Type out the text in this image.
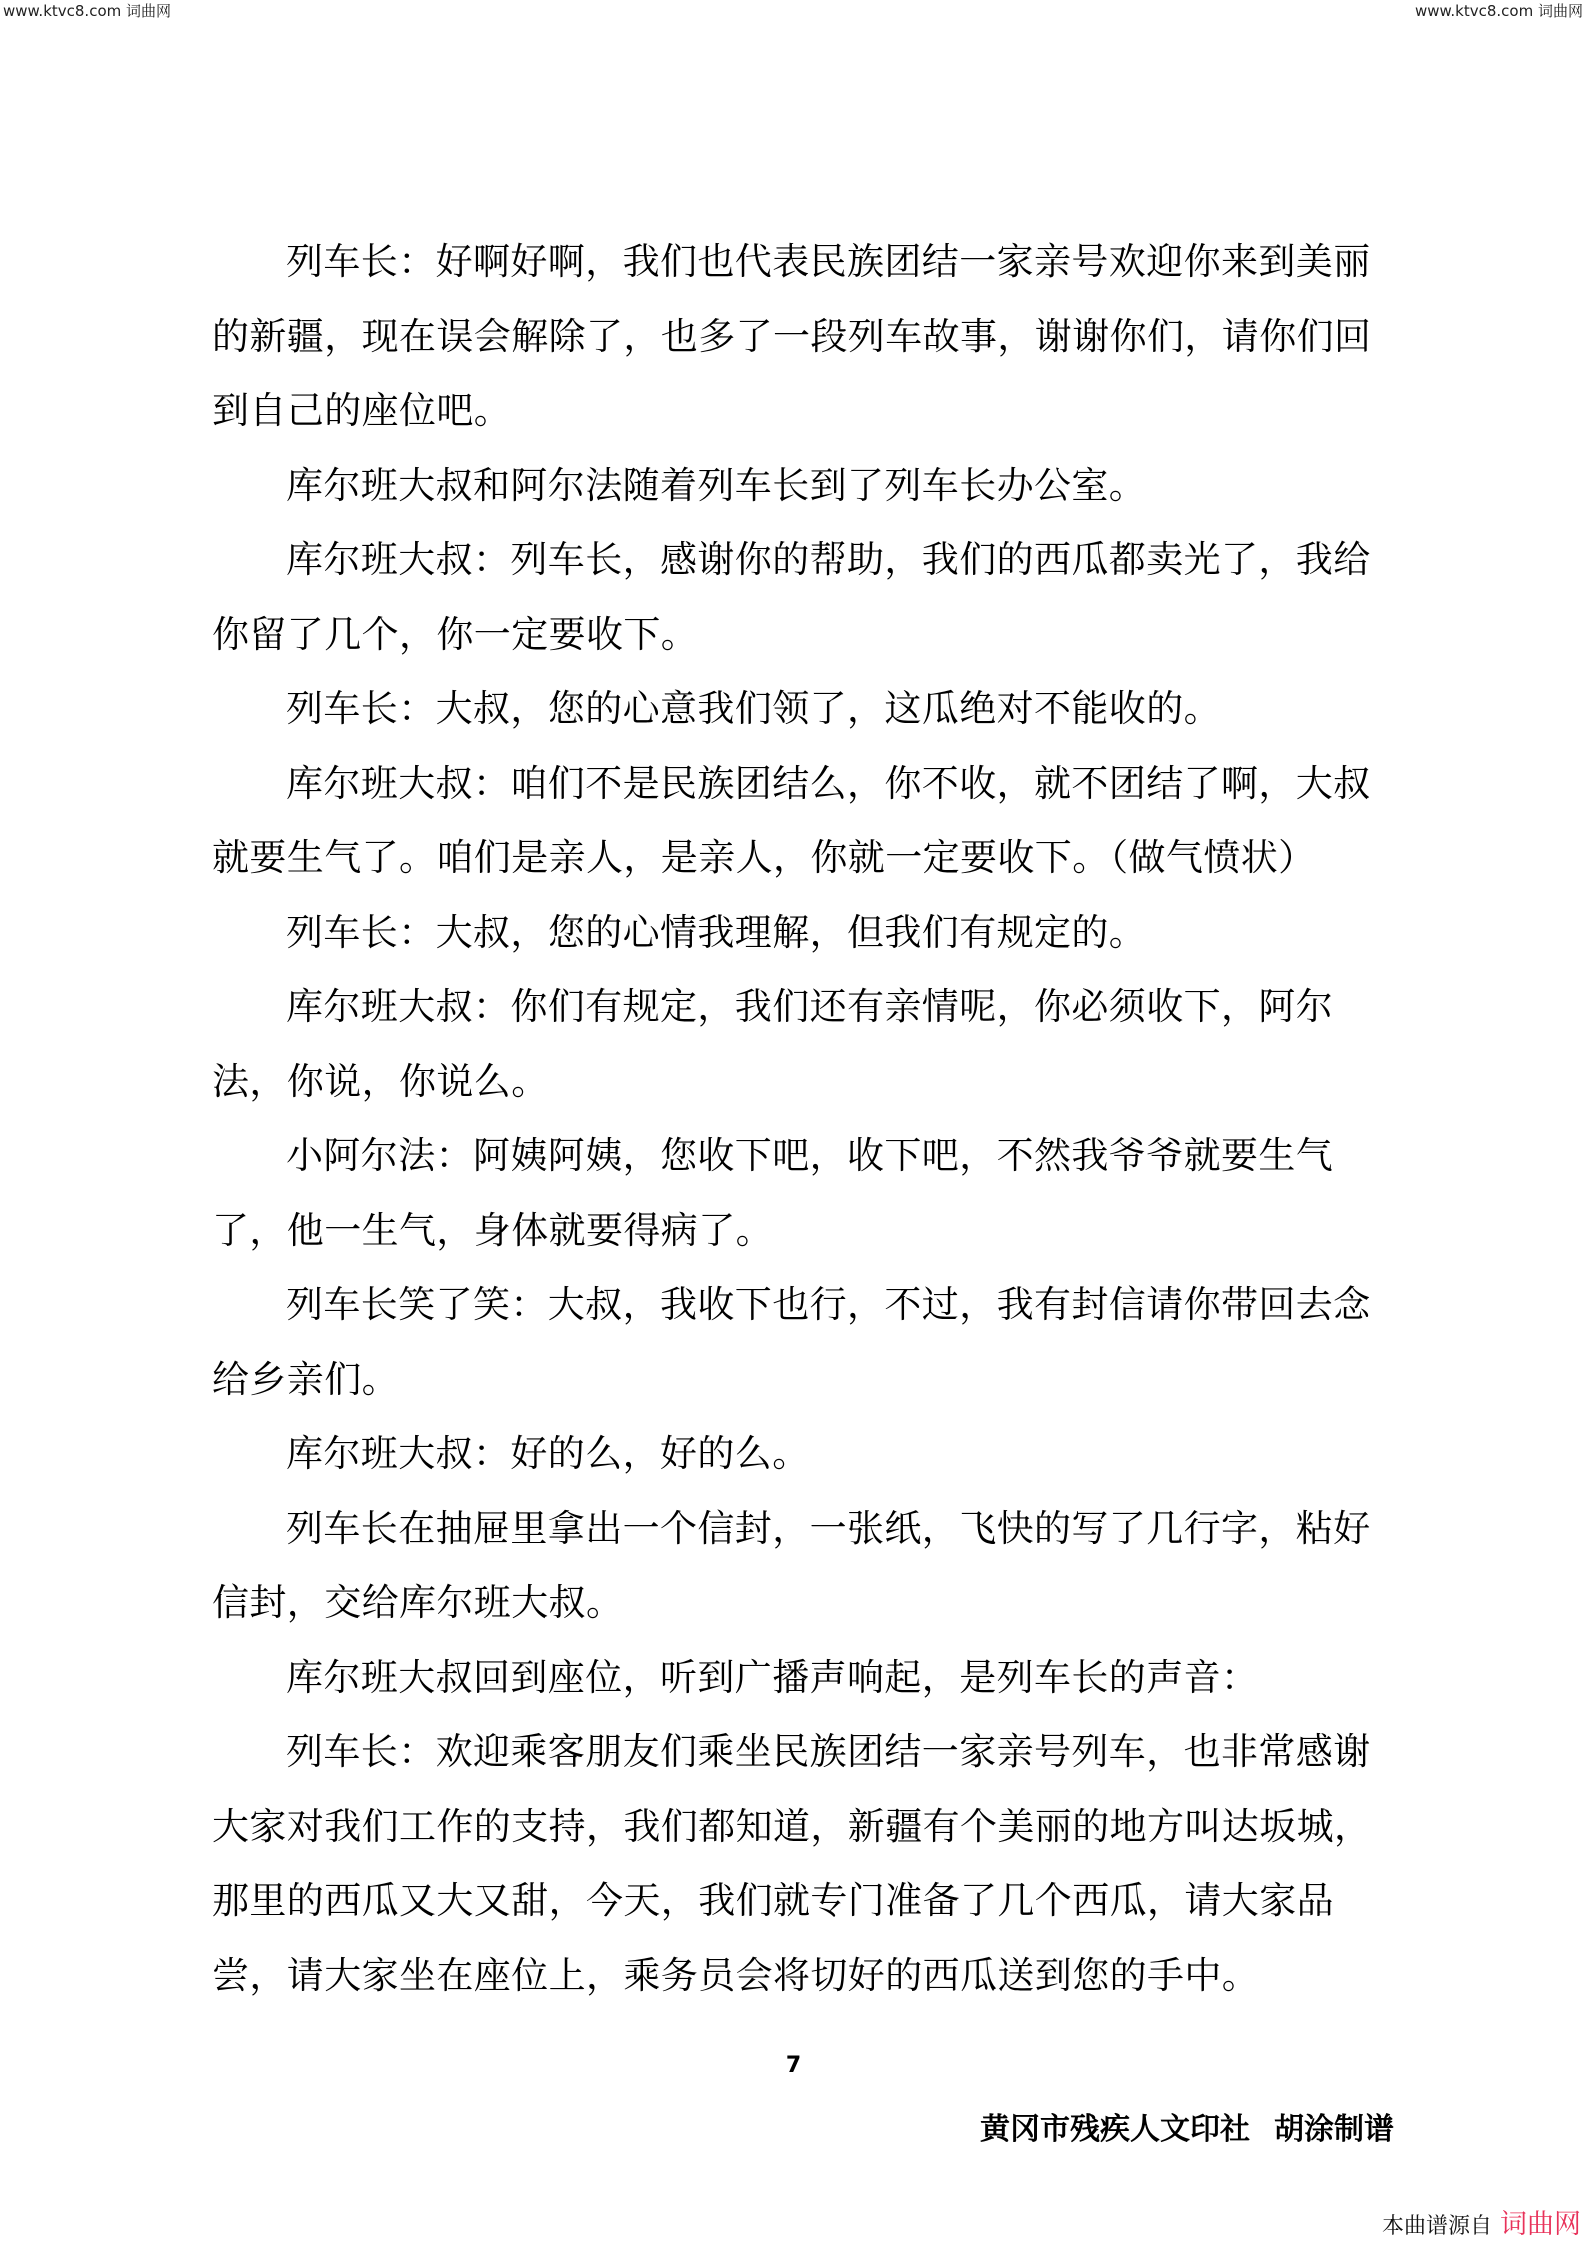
www.ktvc8.com 词曲网	www.ktvc8.com 词曲网

列车长：好啊好啊，我们也代表民族团结一家亲号欢迎你来到美丽的新疆，现在误会解除了，也多了一段列车故事，谢谢你们，请你们回到自己的座位吧。

库尔班大叔和阿尔法随着列车长到了列车长办公室。

库尔班大叔：列车长，感谢你的帮助，我们的西瓜都卖光了，我给你留了几个，你一定要收下。

列车长：大叔，您的心意我们领了，这瓜绝对不能收的。

库尔班大叔：咱们不是民族团结么，你不收，就不团结了啊，大叔就要生气了。咱们是亲人，是亲人，你就一定要收下。（做气愤状）

列车长：大叔，您的心情我理解，但我们有规定的。

库尔班大叔：你们有规定，我们还有亲情呢，你必须收下，阿尔法，你说，你说么。

小阿尔法：阿姨阿姨，您收下吧，收下吧，不然我爷爷就要生气了，他一生气，身体就要得病了。

列车长笑了笑：大叔，我收下也行，不过，我有封信请你带回去念给乡亲们。

库尔班大叔：好的么，好的么。

列车长在抽屉里拿出一个信封，一张纸，飞快的写了几行字，粘好信封，交给库尔班大叔。

库尔班大叔回到座位，听到广播声响起，是列车长的声音：

列车长：欢迎乘客朋友们乘坐民族团结一家亲号列车，也非常感谢大家对我们工作的支持，我们都知道，新疆有个美丽的地方叫达坂城，那里的西瓜又大又甜，今天，我们就专门准备了几个西瓜，请大家品尝，请大家坐在座位上，乘务员会将切好的西瓜送到您的手中。

7
黄冈市残疾人文印社 胡涂制谱
本曲谱源自 词曲网
